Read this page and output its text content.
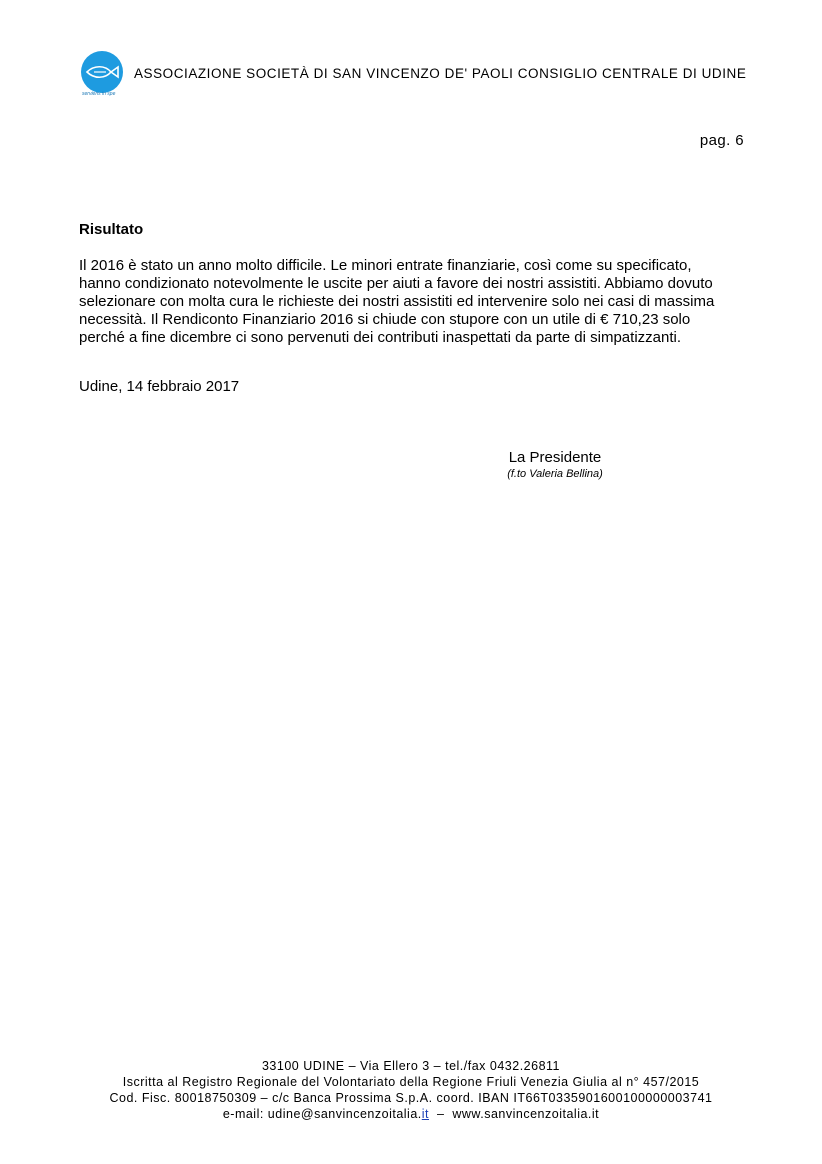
serviens in spe
ASSOCIAZIONE SOCIETÀ DI SAN VINCENZO DE' PAOLI CONSIGLIO CENTRALE DI UDINE
pag. 6
Risultato
Il 2016 è stato un anno molto difficile. Le minori entrate finanziarie, così come su specificato,
hanno condizionato notevolmente le uscite per aiuti a favore dei nostri assistiti. Abbiamo dovuto
selezionare con molta cura le richieste dei nostri assistiti ed intervenire solo nei casi di massima
necessità. Il Rendiconto Finanziario 2016 si chiude con stupore con un utile di € 710,23 solo
perché a fine dicembre ci sono pervenuti dei contributi inaspettati da parte di simpatizzanti.
Udine, 14 febbraio 2017
La Presidente
(f.to Valeria Bellina)
33100 UDINE – Via Ellero 3 – tel./fax 0432.26811
Iscritta al Registro Regionale del Volontariato della Regione Friuli Venezia Giulia al n° 457/2015
Cod. Fisc. 80018750309 – c/c Banca Prossima S.p.A. coord. IBAN IT66T0335901600100000003741
e-mail: udine@sanvincenzoitalia.it  –  www.sanvincenzoitalia.it
